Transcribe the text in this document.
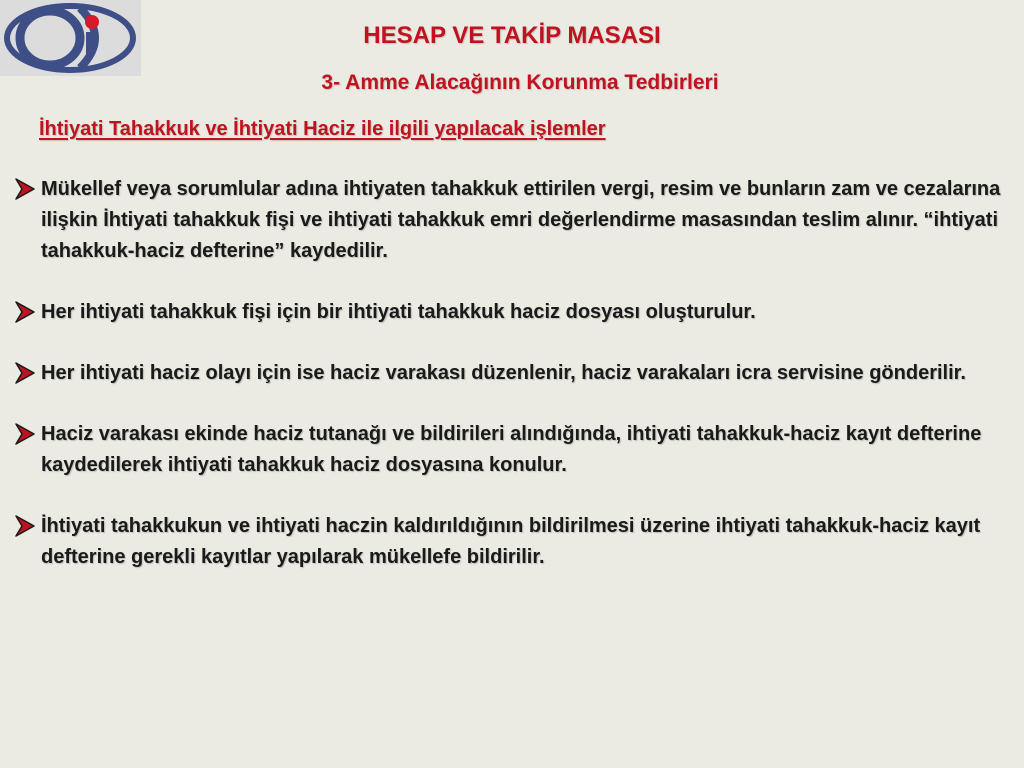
HESAP VE TAKİP MASASI
3- Amme Alacağının Korunma Tedbirleri
İhtiyati Tahakkuk ve İhtiyati Haciz ile ilgili yapılacak işlemler
Mükellef veya sorumlular adına ihtiyaten tahakkuk ettirilen vergi, resim ve bunların zam ve cezalarına ilişkin İhtiyati tahakkuk fişi ve ihtiyati tahakkuk emri değerlendirme masasından teslim alınır. “ihtiyati tahakkuk-haciz defterine” kaydedilir.
Her ihtiyati tahakkuk fişi için bir ihtiyati tahakkuk haciz dosyası oluşturulur.
Her ihtiyati haciz olayı için ise haciz varakası düzenlenir, haciz varakaları icra servisine gönderilir.
Haciz varakası ekinde haciz tutanağı ve bildirileri alındığında, ihtiyati tahakkuk-haciz kayıt defterine kaydedilerek ihtiyati tahakkuk haciz dosyasına konulur.
İhtiyati tahakkukun ve ihtiyati haczin kaldırıldığının bildirilmesi üzerine ihtiyati tahakkuk-haciz kayıt defterine gerekli kayıtlar yapılarak mükellefe bildirilir.
